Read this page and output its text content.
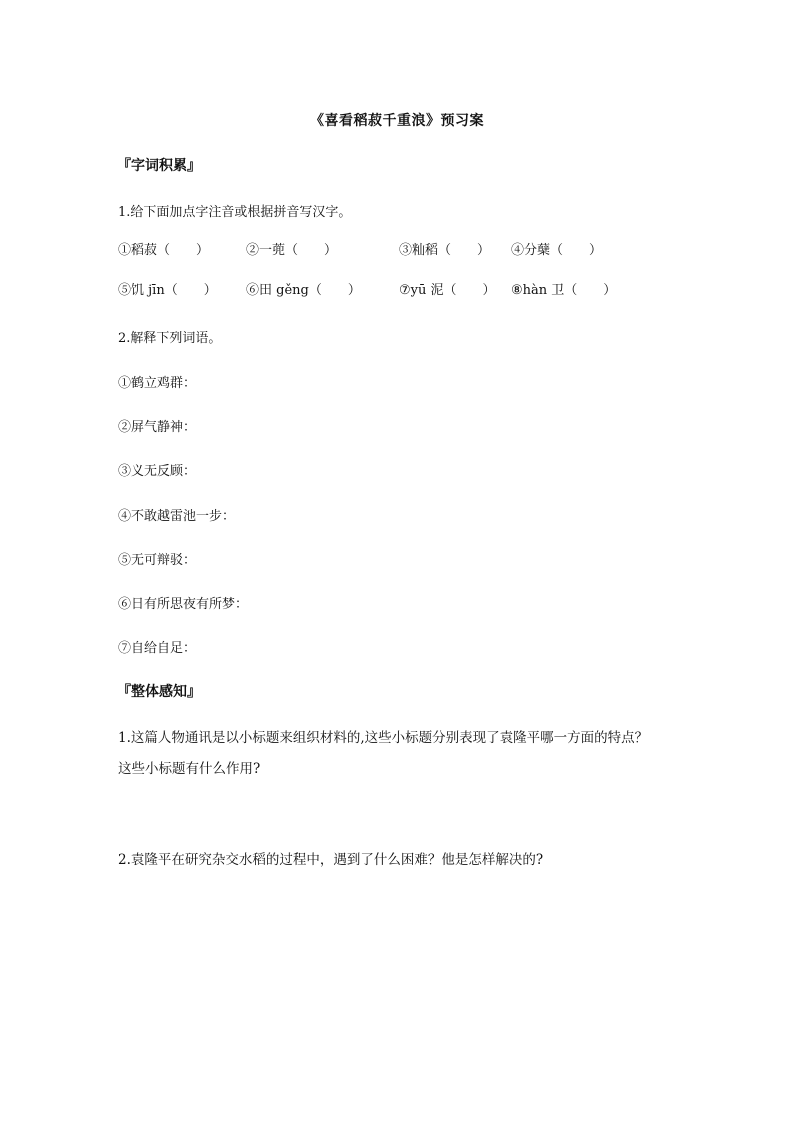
《喜看稻菽千重浪》预习案
『字词积累』
1.给下面加点字注音或根据拼音写汉字。
①稻菽（　　）	②一蔸（　　）	③籼稻（　　） ④分蘖（　　）
⑤饥 jīn（　　） ⑥田 gěng（　　）	⑦yū 泥（　　） ⑧hàn 卫（　　）
2.解释下列词语。
①鹤立鸡群：
②屏气静神：
③义无反顾：
④不敢越雷池一步：
⑤无可辩驳：
⑥日有所思夜有所梦：
⑦自给自足：
『整体感知』
1.这篇人物通讯是以小标题来组织材料的,这些小标题分别表现了袁隆平哪一方面的特点？
这些小标题有什么作用?
2.袁隆平在研究杂交水稻的过程中，遇到了什么困难？他是怎样解决的?
